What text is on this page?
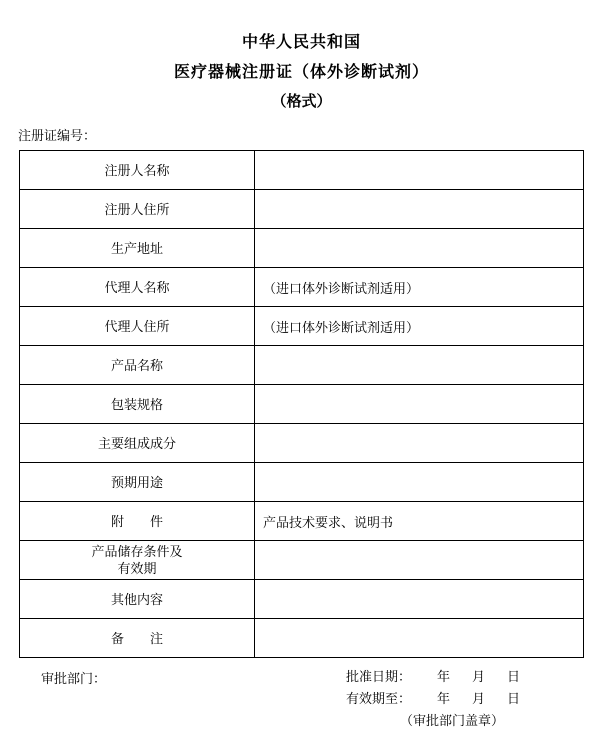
中华人民共和国
医疗器械注册证（体外诊断试剂）
（格式）
注册证编号：
注册人名称	

注册人住所	

生产地址	

代理人名称	（进口体外诊断试剂适用）

代理人住所	（进口体外诊断试剂适用）

产品名称	

包装规格	

主要组成成分	

预期用途	

附　　件	产品技术要求、说明书

产品储存条件及
有效期	

其他内容	

备　　注	

审批部门：	批准日期： 年 月 日
有效期至： 年 月 日
（审批部门盖章）
